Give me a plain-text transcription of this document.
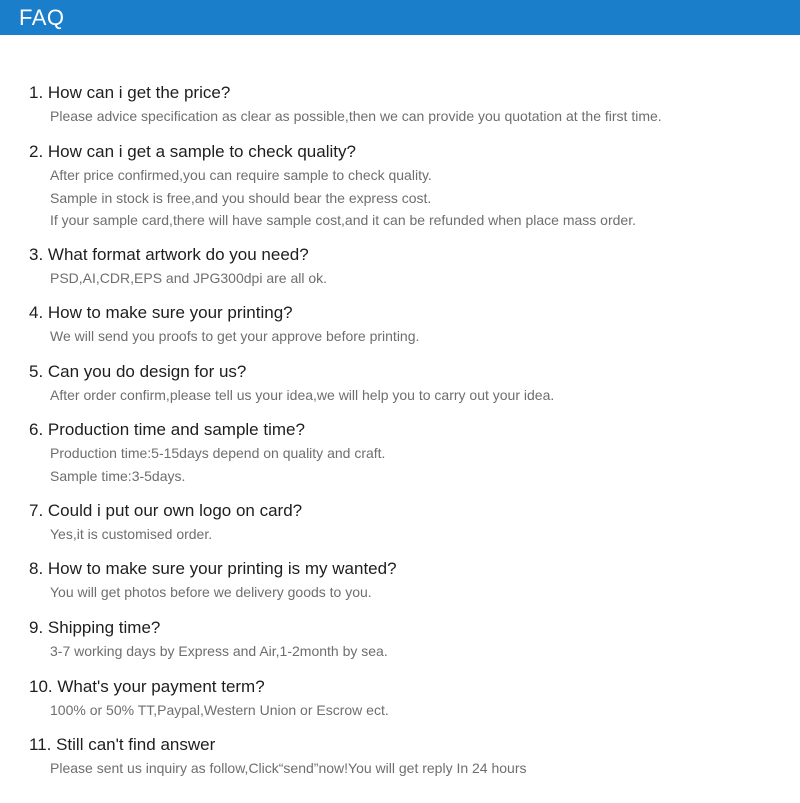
FAQ
1. How can i get the price?
Please advice specification as clear as possible,then we can provide you quotation at the first time.
2. How can i get a sample to check quality?
After price confirmed,you can require sample to check quality.
Sample in stock is free,and you should bear the express cost.
If your sample card,there will have sample cost,and it can be refunded when place mass order.
3. What format artwork do you need?
PSD,AI,CDR,EPS and JPG300dpi are all ok.
4. How to make sure your printing?
We will send you proofs to get your approve before printing.
5. Can you do design for us?
After order confirm,please tell us your idea,we will help you to carry out your idea.
6. Production time and sample time?
Production time:5-15days depend on quality and craft.
Sample time:3-5days.
7. Could i put our own logo on card?
Yes,it is customised order.
8. How to make sure your printing is my wanted?
You will get photos before we delivery goods to you.
9. Shipping time?
3-7 working days by Express and Air,1-2month by sea.
10. What's your payment term?
100% or 50% TT,Paypal,Western Union or Escrow ect.
11. Still can't find answer
Please sent us inquiry as follow,Click“send”now!You will get reply In 24 hours
